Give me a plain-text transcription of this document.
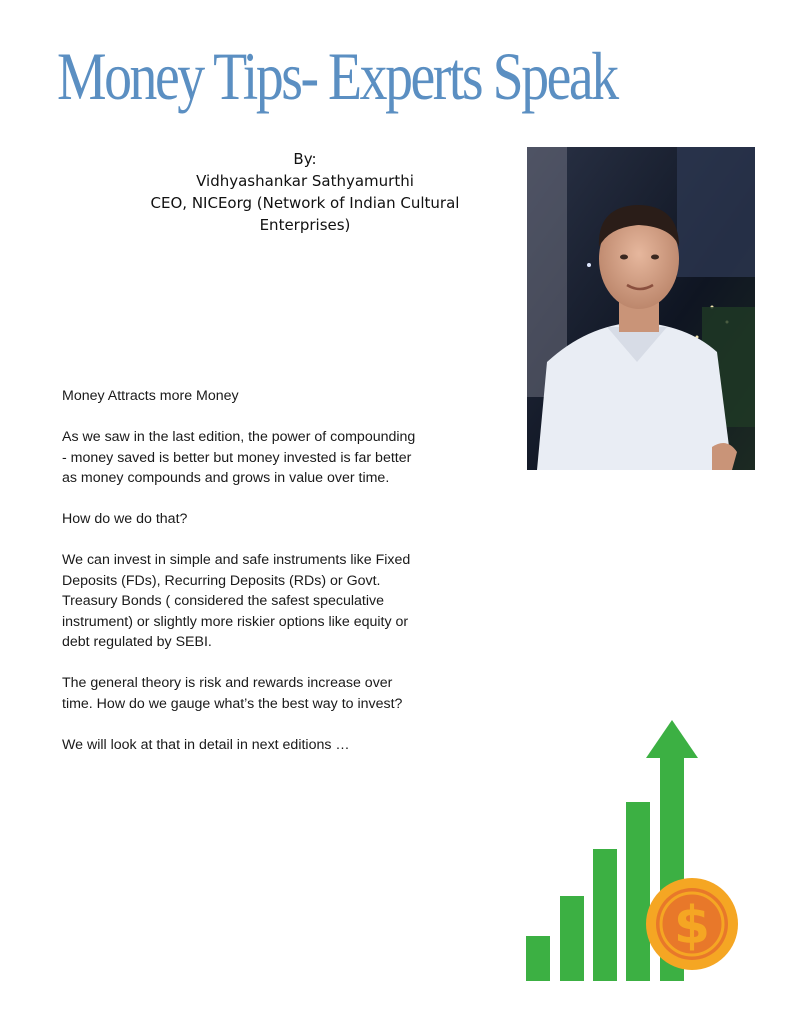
Money Tips- Experts Speak
By:
Vidhyashankar Sathyamurthi
CEO, NICEorg (Network of Indian Cultural
Enterprises)

Money Attracts more Money

As we saw in the last edition, the power of compounding - money saved is better but money invested is far better as money compounds and grows in value over time.

How do we do that?

We can invest in simple and safe instruments like Fixed Deposits (FDs), Recurring Deposits (RDs) or Govt. Treasury Bonds ( considered the safest speculative instrument) or slightly more riskier options like equity or debt regulated by SEBI.

The general theory is risk and rewards increase over time. How do we gauge what’s the best way to invest?

We will look at that in detail in next editions …

$
